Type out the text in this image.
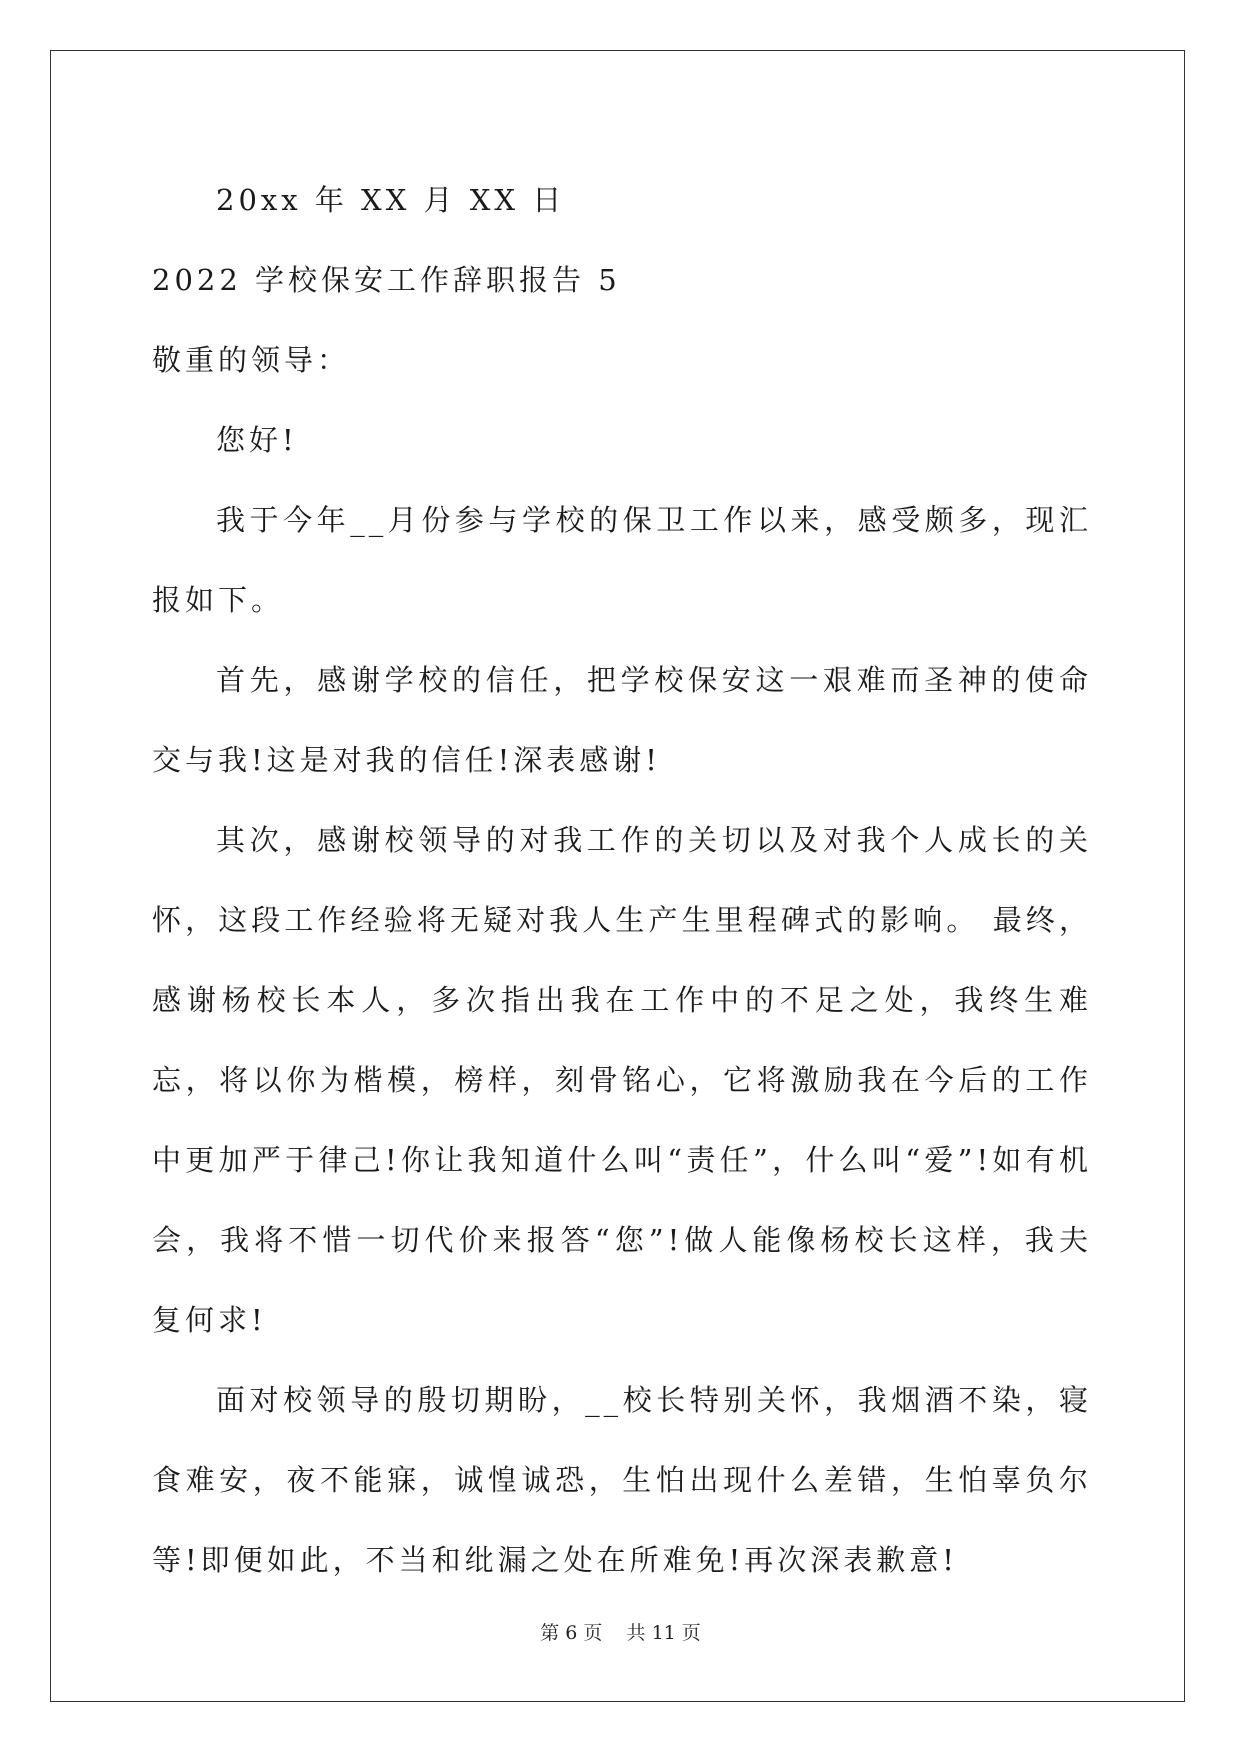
20xx 年 XX 月 XX 日
2022 学校保安工作辞职报告 5
敬重的领导：
您好!

我于今年__月份参与学校的保卫工作以来，感受颇多，现汇报如下。

首先，感谢学校的信任，把学校保安这一艰难而圣神的使命交与我!这是对我的信任!深表感谢!

其次，感谢校领导的对我工作的关切以及对我个人成长的关怀，这段工作经验将无疑对我人生产生里程碑式的影响。 最终，感谢杨校长本人，多次指出我在工作中的不足之处，我终生难忘，将以你为楷模，榜样，刻骨铭心，它将激励我在今后的工作中更加严于律己!你让我知道什么叫“责任”，什么叫“爱”!如有机会，我将不惜一切代价来报答“您”!做人能像杨校长这样，我夫复何求!

面对校领导的殷切期盼，__校长特别关怀，我烟酒不染，寝食难安，夜不能寐，诚惶诚恐，生怕出现什么差错，生怕辜负尔等!即便如此，不当和纰漏之处在所难免!再次深表歉意!

第 6 页 共 11 页
